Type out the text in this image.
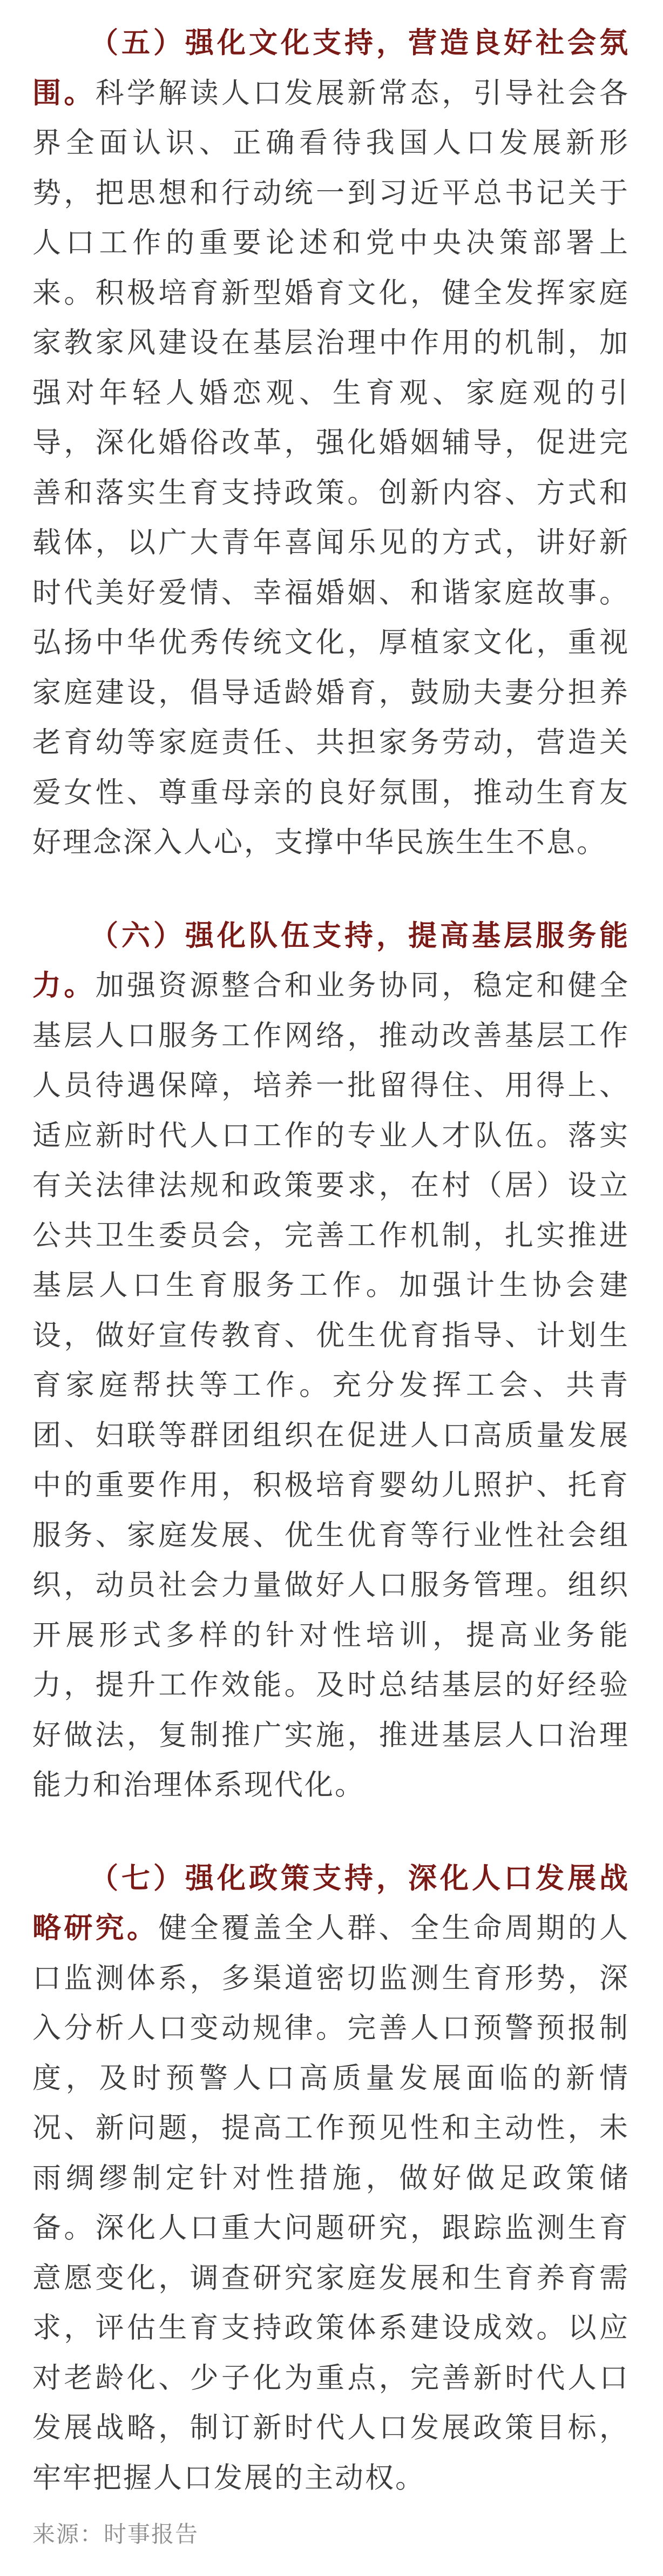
（五）强化文化支持，营造良好社会氛围。科学解读人口发展新常态，引导社会各界全面认识、正确看待我国人口发展新形势，把思想和行动统一到习近平总书记关于人口工作的重要论述和党中央决策部署上来。积极培育新型婚育文化，健全发挥家庭家教家风建设在基层治理中作用的机制，加强对年轻人婚恋观、生育观、家庭观的引导，深化婚俗改革，强化婚姻辅导，促进完善和落实生育支持政策。创新内容、方式和载体，以广大青年喜闻乐见的方式，讲好新时代美好爱情、幸福婚姻、和谐家庭故事。弘扬中华优秀传统文化，厚植家文化，重视家庭建设，倡导适龄婚育，鼓励夫妻分担养老育幼等家庭责任、共担家务劳动，营造关爱女性、尊重母亲的良好氛围，推动生育友好理念深入人心，支撑中华民族生生不息。

（六）强化队伍支持，提高基层服务能力。加强资源整合和业务协同，稳定和健全基层人口服务工作网络，推动改善基层工作人员待遇保障，培养一批留得住、用得上、适应新时代人口工作的专业人才队伍。落实有关法律法规和政策要求，在村（居）设立公共卫生委员会，完善工作机制，扎实推进基层人口生育服务工作。加强计生协会建设，做好宣传教育、优生优育指导、计划生育家庭帮扶等工作。充分发挥工会、共青团、妇联等群团组织在促进人口高质量发展中的重要作用，积极培育婴幼儿照护、托育服务、家庭发展、优生优育等行业性社会组织，动员社会力量做好人口服务管理。组织开展形式多样的针对性培训，提高业务能力，提升工作效能。及时总结基层的好经验好做法，复制推广实施，推进基层人口治理能力和治理体系现代化。

（七）强化政策支持，深化人口发展战略研究。健全覆盖全人群、全生命周期的人口监测体系，多渠道密切监测生育形势，深入分析人口变动规律。完善人口预警预报制度，及时预警人口高质量发展面临的新情况、新问题，提高工作预见性和主动性，未雨绸缪制定针对性措施，做好做足政策储备。深化人口重大问题研究，跟踪监测生育意愿变化，调查研究家庭发展和生育养育需求，评估生育支持政策体系建设成效。以应对老龄化、少子化为重点，完善新时代人口发展战略，制订新时代人口发展政策目标，牢牢把握人口发展的主动权。

来源：时事报告
